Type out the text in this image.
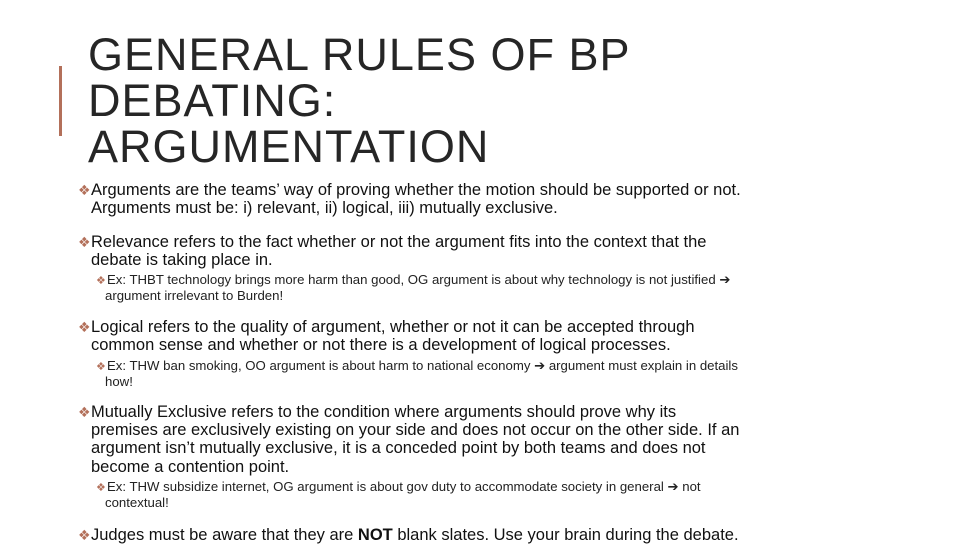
GENERAL RULES OF BP
DEBATING:
ARGUMENTATION
❖Arguments are the teams’ way of proving whether the motion should be supported or not.
Arguments must be: i) relevant, ii) logical, iii) mutually exclusive.
❖Relevance refers to the fact whether or not the argument fits into the context that the
debate is taking place in.
❖Ex: THBT technology brings more harm than good, OG argument is about why technology is not justified ➔
argument irrelevant to Burden!
❖Logical refers to the quality of argument, whether or not it can be accepted through
common sense and whether or not there is a development of logical processes.
❖Ex: THW ban smoking, OO argument is about harm to national economy ➔ argument must explain in details
how!
❖Mutually Exclusive refers to the condition where arguments should prove why its
premises are exclusively existing on your side and does not occur on the other side. If an
argument isn’t mutually exclusive, it is a conceded point by both teams and does not
become a contention point.
❖Ex: THW subsidize internet, OG argument is about gov duty to accommodate society in general ➔ not
contextual!
❖Judges must be aware that they are NOT blank slates. Use your brain during the debate.
